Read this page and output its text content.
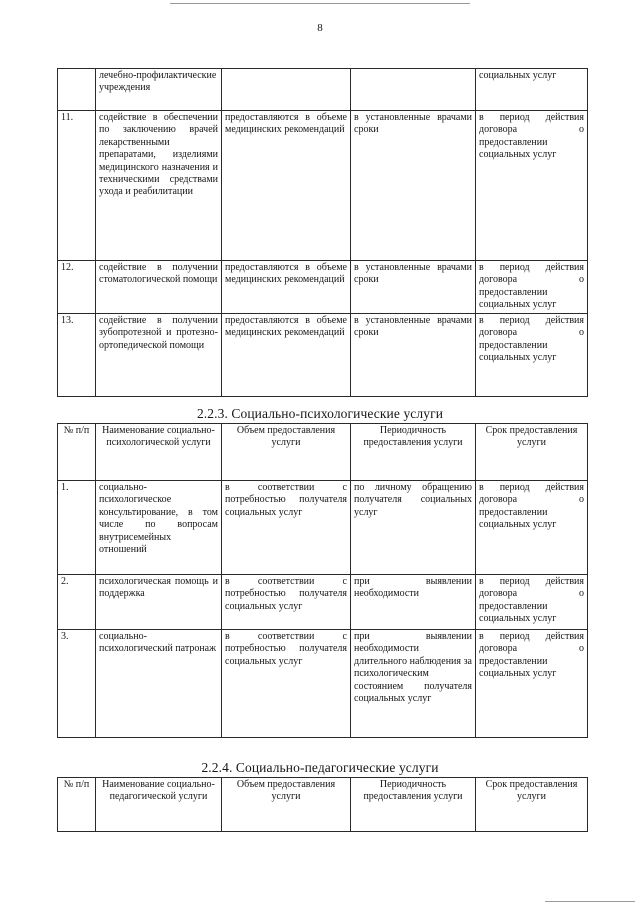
8
	лечебно-профилактические учреждения			социальных услуг
11.	содействие в обеспечении по заключению врачей лекарственными препаратами, изделиями медицинского назначения и техническими средствами ухода и реабилитации	предоставляются в объеме медицинских рекомендаций	в установленные врачами сроки	в период действия договора о предоставлении социальных услуг
12.	содействие в получении стоматологической помощи	предоставляются в объеме медицинских рекомендаций	в установленные врачами сроки	в период действия договора о предоставлении социальных услуг
13.	содействие в получении зубопротезной и протезно-ортопедической помощи	предоставляются в объеме медицинских рекомендаций	в установленные врачами сроки	в период действия договора о предоставлении социальных услуг
2.2.3. Социально-психологические услуги
№ п/п	Наименование социально-психологической услуги	Объем предоставления услуги	Периодичность предоставления услуги	Срок предоставления услуги
1.	социально-психологическое консультирование, в том числе по вопросам внутрисемейных отношений	в соответствии с потребностью получателя социальных услуг	по личному обращению получателя социальных услуг	в период действия договора о предоставлении социальных услуг
2.	психологическая помощь и поддержка	в соответствии с потребностью получателя социальных услуг	при выявлении необходимости	в период действия договора о предоставлении социальных услуг
3.	социально-психологический патронаж	в соответствии с потребностью получателя социальных услуг	при выявлении необходимости длительного наблюдения за психологическим состоянием получателя социальных услуг	в период действия договора о предоставлении социальных услуг
2.2.4. Социально-педагогические услуги
№ п/п	Наименование социально-педагогической услуги	Объем предоставления услуги	Периодичность предоставления услуги	Срок предоставления услуги
